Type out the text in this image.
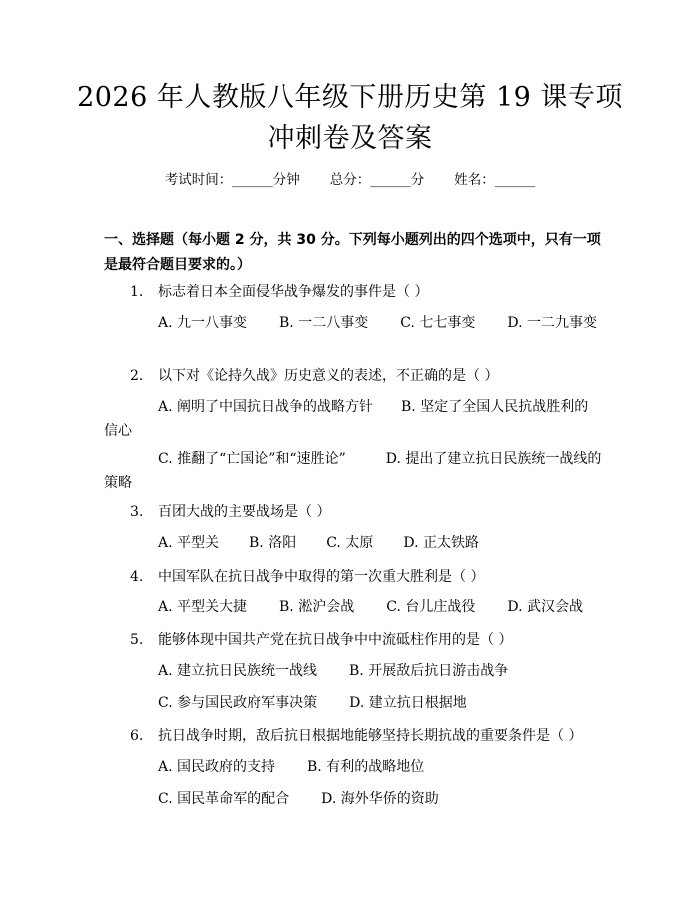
2026 年人教版八年级下册历史第 19 课专项
冲刺卷及答案
考试时间：______分钟 总分：______分 姓名：______
一、选择题（每小题 2 分，共 30 分。下列每小题列出的四个选项中，只有一项是最符合题目要求的。）
1. 标志着日本全面侵华战争爆发的事件是（ ）
A. 九一八事变 B. 一二八事变 C. 七七事变 D. 一二九事变
2. 以下对《论持久战》历史意义的表述，不正确的是（ ）
A. 阐明了中国抗日战争的战略方针 B. 坚定了全国人民抗战胜利的信心
C. 推翻了“亡国论”和“速胜论”	D. 提出了建立抗日民族统一战线的策略
3. 百团大战的主要战场是（ ）
A. 平型关 B. 洛阳 C. 太原 D. 正太铁路
4. 中国军队在抗日战争中取得的第一次重大胜利是（ ）
A. 平型关大捷 B. 淞沪会战 C. 台儿庄战役 D. 武汉会战
5. 能够体现中国共产党在抗日战争中中流砥柱作用的是（ ）
A. 建立抗日民族统一战线 B. 开展敌后抗日游击战争
C. 参与国民政府军事决策 D. 建立抗日根据地
6. 抗日战争时期，敌后抗日根据地能够坚持长期抗战的重要条件是（ ）
A. 国民政府的支持 B. 有利的战略地位
C. 国民革命军的配合 D. 海外华侨的资助
